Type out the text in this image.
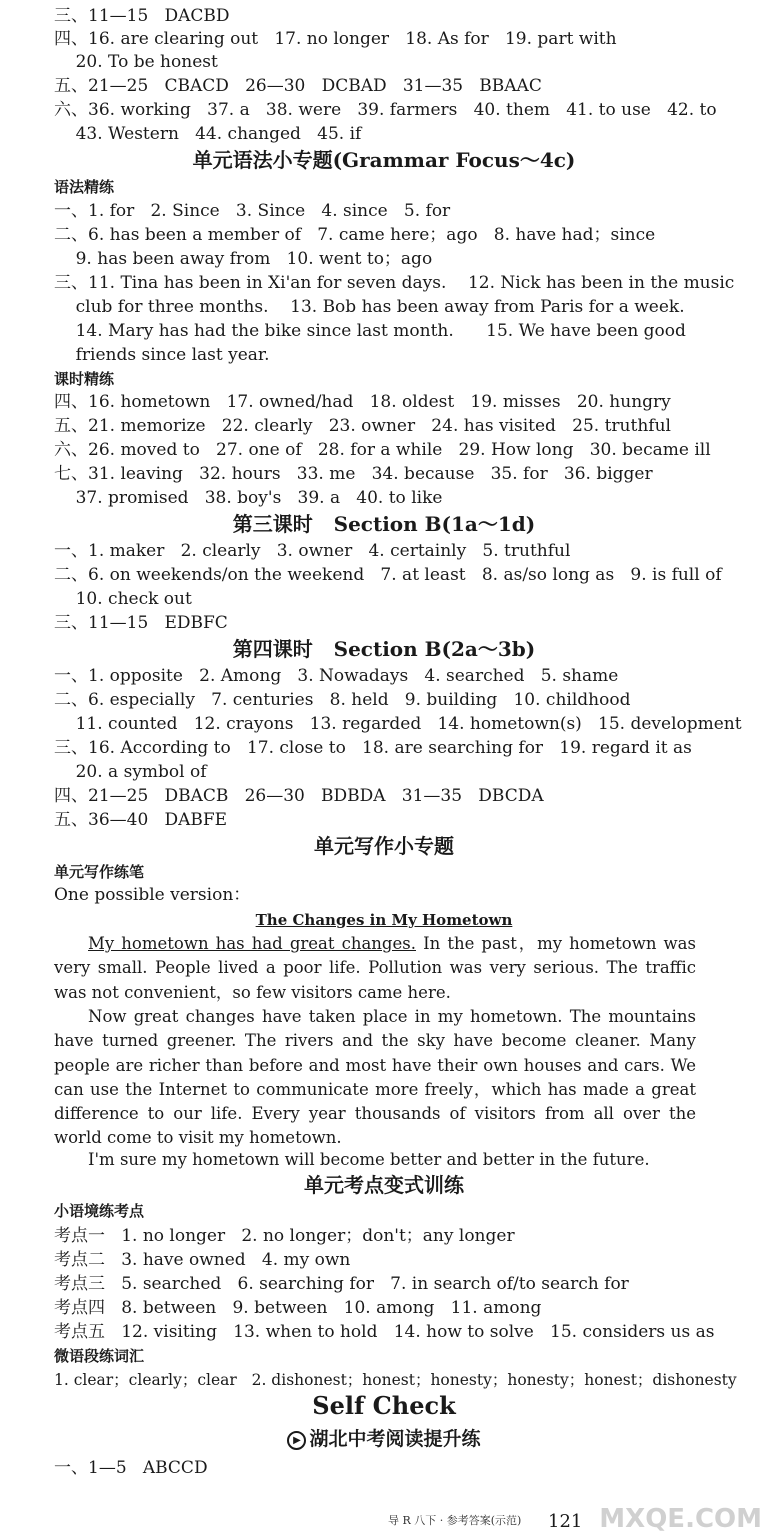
三、11—15   DACBD
四、16. are clearing out   17. no longer   18. As for   19. part with
20. To be honest
五、21—25   CBACD   26—30   DCBAD   31—35   BBAAC
六、36. working   37. a   38. were   39. farmers   40. them   41. to use   42. to
43. Western   44. changed   45. if
单元语法小专题(Grammar Focus～4c)
语法精练
一、1. for   2. Since   3. Since   4. since   5. for
二、6. has been a member of   7. came here；ago   8. have had；since
9. has been away from   10. went to；ago
三、11. Tina has been in Xi'an for seven days.    12. Nick has been in the music
club for three months.    13. Bob has been away from Paris for a week.
14. Mary has had the bike since last month.      15. We have been good
friends since last year.
课时精练
四、16. hometown   17. owned/had   18. oldest   19. misses   20. hungry
五、21. memorize   22. clearly   23. owner   24. has visited   25. truthful
六、26. moved to   27. one of   28. for a while   29. How long   30. became ill
七、31. leaving   32. hours   33. me   34. because   35. for   36. bigger
37. promised   38. boy's   39. a   40. to like
第三课时   Section B(1a～1d)
一、1. maker   2. clearly   3. owner   4. certainly   5. truthful
二、6. on weekends/on the weekend   7. at least   8. as/so long as   9. is full of
10. check out
三、11—15   EDBFC
第四课时   Section B(2a～3b)
一、1. opposite   2. Among   3. Nowadays   4. searched   5. shame
二、6. especially   7. centuries   8. held   9. building   10. childhood
11. counted   12. crayons   13. regarded   14. hometown(s)   15. development
三、16. According to   17. close to   18. are searching for   19. regard it as
20. a symbol of
四、21—25   DBACB   26—30   BDBDA   31—35   DBCDA
五、36—40   DABFE
单元写作小专题
单元写作练笔
One possible version：
The Changes in My Hometown
My hometown has had great changes. In the past，my hometown was very small. People lived a poor life. Pollution was very serious. The traffic was not convenient，so few visitors came here.
Now great changes have taken place in my hometown. The mountains have turned greener. The rivers and the sky have become cleaner. Many people are richer than before and most have their own houses and cars. We can use the Internet to communicate more freely，which has made a great difference to our life. Every year thousands of visitors from all over the world come to visit my hometown.
I'm sure my hometown will become better and better in the future.
单元考点变式训练
小语境练考点
考点一   1. no longer   2. no longer；don't；any longer
考点二   3. have owned   4. my own
考点三   5. searched   6. searching for   7. in search of/to search for
考点四   8. between   9. between   10. among   11. among
考点五   12. visiting   13. when to hold   14. how to solve   15. considers us as
微语段练词汇
1. clear；clearly；clear   2. dishonest；honest；honesty；honesty；honest；dishonesty
Self Check
▶ 湖北中考阅读提升练
一、1—5   ABCCD
导 R 八下 · 参考答案(示范) 121 MXQE.COM
